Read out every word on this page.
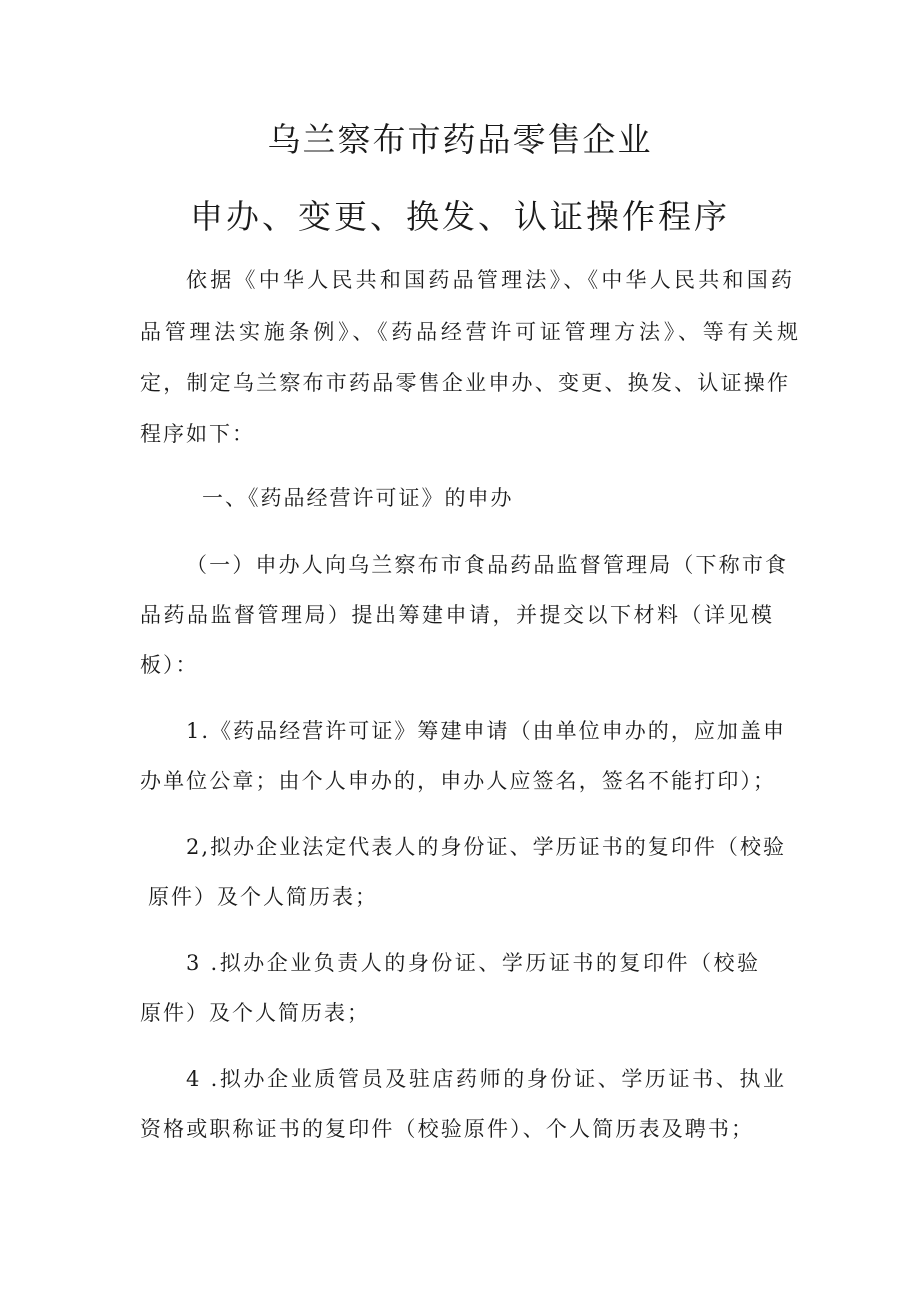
乌兰察布市药品零售企业
申办、变更、换发、认证操作程序
依据《中华人民共和国药品管理法》、《中华人民共和国药
品管理法实施条例》、《药品经营许可证管理方法》、等有关规
定，制定乌兰察布市药品零售企业申办、变更、换发、认证操作
程序如下：
一、《药品经营许可证》的申办
（一）申办人向乌兰察布市食品药品监督管理局（下称市食
品药品监督管理局）提出筹建申请，并提交以下材料（详见模
板）：
1.《药品经营许可证》筹建申请（由单位申办的，应加盖申
办单位公章；由个人申办的，申办人应签名，签名不能打印）；
2,拟办企业法定代表人的身份证、学历证书的复印件（校验
原件）及个人简历表；
3 .拟办企业负责人的身份证、学历证书的复印件（校验
原件）及个人简历表；
4 .拟办企业质管员及驻店药师的身份证、学历证书、执业
资格或职称证书的复印件（校验原件）、个人简历表及聘书；
